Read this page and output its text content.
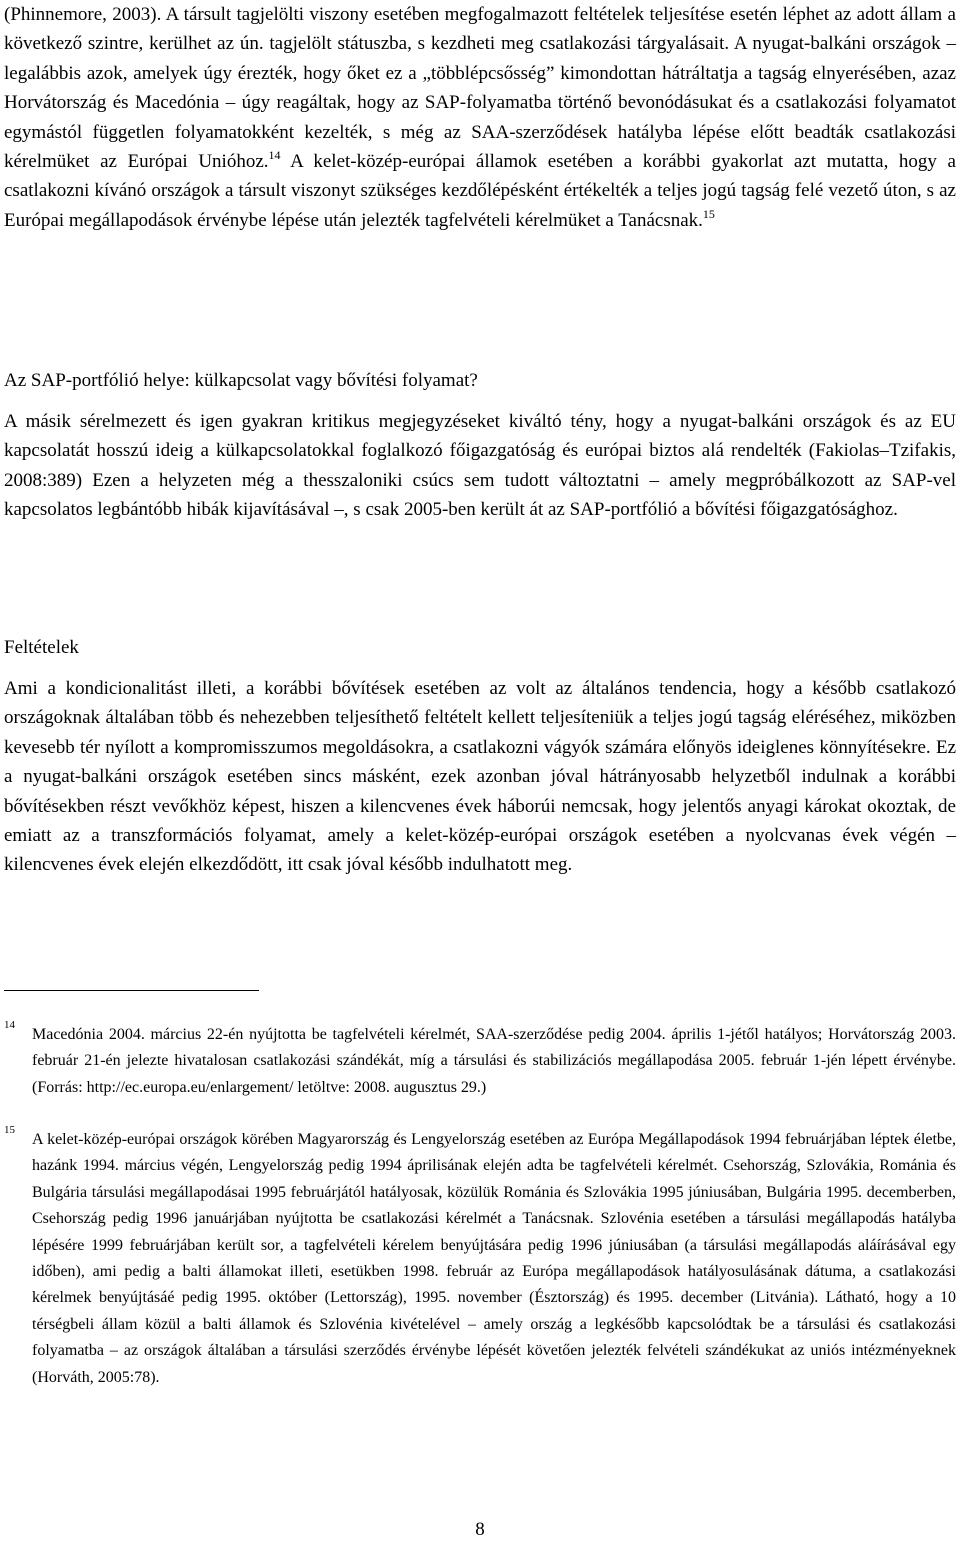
(Phinnemore, 2003). A társult tagjelölti viszony esetében megfogalmazott feltételek teljesítése esetén léphet az adott állam a következő szintre, kerülhet az ún. tagjelölt státuszba, s kezdheti meg csatlakozási tárgyalásait. A nyugat-balkáni országok – legalábbis azok, amelyek úgy érezték, hogy őket ez a „többlépcsősség” kimondottan hátráltatja a tagság elnyerésében, azaz Horvátország és Macedónia – úgy reagáltak, hogy az SAP-folyamatba történő bevonódásukat és a csatlakozási folyamatot egymástól független folyamatokként kezelték, s még az SAA-szerződések hatályba lépése előtt beadták csatlakozási kérelmüket az Európai Unióhoz.$^{14}$ A kelet-közép-európai államok esetében a korábbi gyakorlat azt mutatta, hogy a csatlakozni kívánó országok a társult viszonyt szükséges kezdőlépésként értékelték a teljes jogú tagság felé vezető úton, s az Európai megállapodások érvénybe lépése után jelezték tagfelvételi kérelmüket a Tanácsnak.$^{15}$

Az SAP-portfólió helye: külkapcsolat vagy bővítési folyamat?

A másik sérelmezett és igen gyakran kritikus megjegyzéseket kiváltó tény, hogy a nyugat-balkáni országok és az EU kapcsolatát hosszú ideig a külkapcsolatokkal foglalkozó főigazgatóság és európai biztos alá rendelték (Fakiolas–Tzifakis, 2008:389) Ezen a helyzeten még a thesszaloniki csúcs sem tudott változtatni – amely megpróbálkozott az SAP-vel kapcsolatos legbántóbb hibák kijavításával –, s csak 2005-ben került át az SAP-portfólió a bővítési főigazgatósághoz.

Feltételek

Ami a kondicionalitást illeti, a korábbi bővítések esetében az volt az általános tendencia, hogy a később csatlakozó országoknak általában több és nehezebben teljesíthető feltételt kellett teljesíteniük a teljes jogú tagság eléréséhez, miközben kevesebb tér nyílott a kompromisszumos megoldásokra, a csatlakozni vágyók számára előnyös ideiglenes könnyítésekre. Ez a nyugat-balkáni országok esetében sincs másként, ezek azonban jóval hátrányosabb helyzetből indulnak a korábbi bővítésekben részt vevőkhöz képest, hiszen a kilencvenes évek háborúi nemcsak, hogy jelentős anyagi károkat okoztak, de emiatt az a transzformációs folyamat, amely a kelet-közép-európai országok esetében a nyolcvanas évek végén – kilencvenes évek elején elkezdődött, itt csak jóval később indulhatott meg.

14

Macedónia 2004. március 22-én nyújtotta be tagfelvételi kérelmét, SAA-szerződése pedig 2004. április 1-jétől hatályos; Horvátország 2003. február 21-én jelezte hivatalosan csatlakozási szándékát, míg a társulási és stabilizációs megállapodása 2005. február 1-jén lépett érvénybe. (Forrás: http://ec.europa.eu/enlargement/ letöltve: 2008. augusztus 29.)

15

A kelet-közép-európai országok körében Magyarország és Lengyelország esetében az Európa Megállapodások 1994 februárjában léptek életbe, hazánk 1994. március végén, Lengyelország pedig 1994 áprilisának elején adta be tagfelvételi kérelmét. Csehország, Szlovákia, Románia és Bulgária társulási megállapodásai 1995 februárjától hatályosak, közülük Románia és Szlovákia 1995 júniusában, Bulgária 1995. decemberben, Csehország pedig 1996 januárjában nyújtotta be csatlakozási kérelmét a Tanácsnak. Szlovénia esetében a társulási megállapodás hatályba lépésére 1999 februárjában került sor, a tagfelvételi kérelem benyújtására pedig 1996 júniusában (a társulási megállapodás aláírásával egy időben), ami pedig a balti államokat illeti, esetükben 1998. február az Európa megállapodások hatályosulásának dátuma, a csatlakozási kérelmek benyújtásáé pedig 1995. október (Lettország), 1995. november (Észtország) és 1995. december (Litvánia). Látható, hogy a 10 térségbeli állam közül a balti államok és Szlovénia kivételével – amely ország a legkésőbb kapcsolódtak be a társulási és csatlakozási folyamatba – az országok általában a társulási szerződés érvénybe lépését követően jelezték felvételi szándékukat az uniós intézményeknek (Horváth, 2005:78).

8
